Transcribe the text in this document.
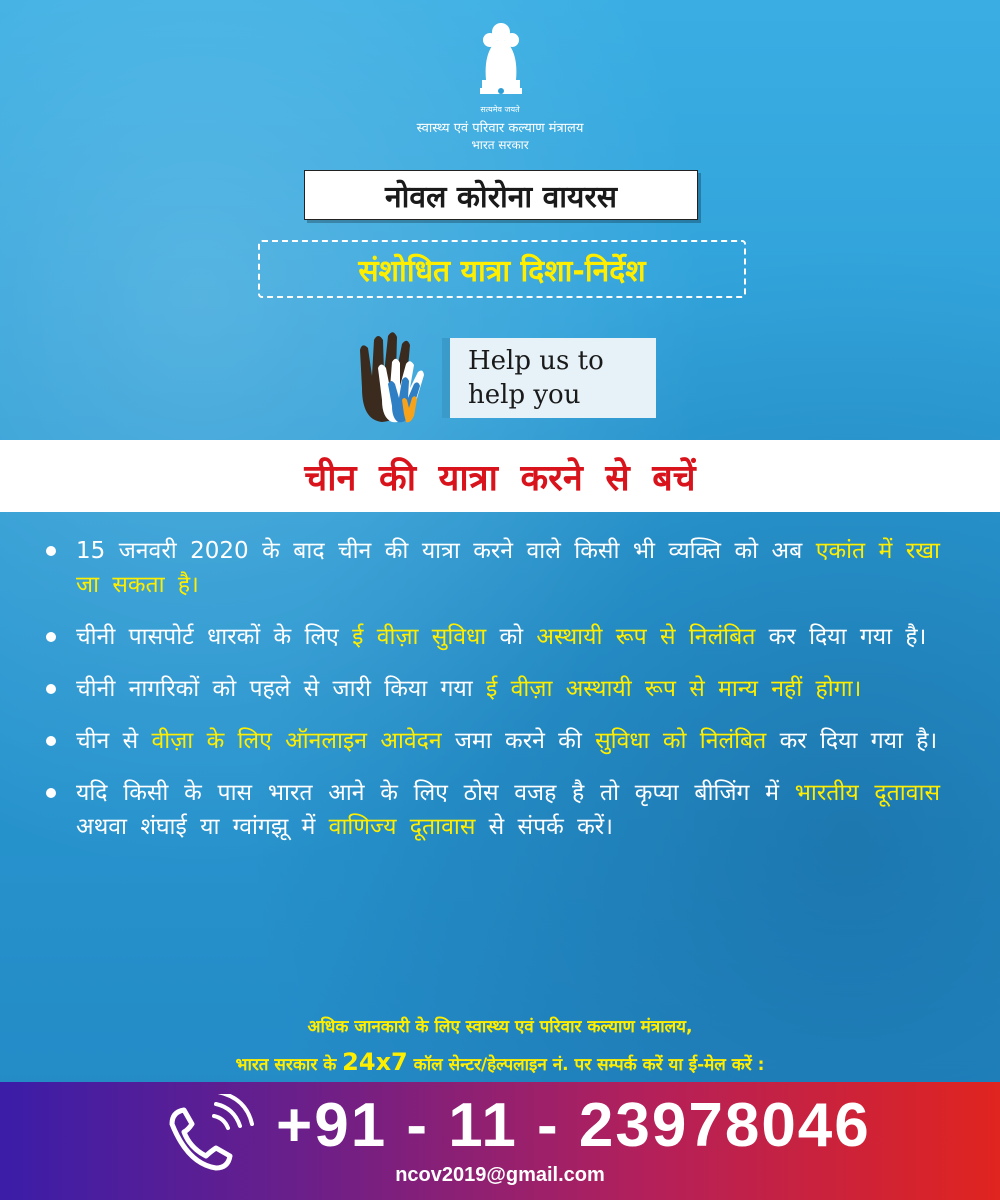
सत्यमेव जयते
स्वास्थ्य एवं परिवार कल्याण मंत्रालय
भारत सरकार
नोवल कोरोना वायरस
संशोधित यात्रा दिशा-निर्देश
Help us to
help you
चीन की यात्रा करने से बचें
15 जनवरी 2020 के बाद चीन की यात्रा करने वाले किसी भी व्यक्ति को अब एकांत में रखा जा सकता है।
चीनी पासपोर्ट धारकों के लिए ई वीज़ा सुविधा को अस्थायी रूप से निलंबित कर दिया गया है।
चीनी नागरिकों को पहले से जारी किया गया ई वीज़ा अस्थायी रूप से मान्य नहीं होगा।
चीन से वीज़ा के लिए ऑनलाइन आवेदन जमा करने की सुविधा को निलंबित कर दिया गया है।
यदि किसी के पास भारत आने के लिए ठोस वजह है तो कृप्या बीजिंग में भारतीय दूतावास अथवा शंघाई या ग्वांगझू में वाणिज्य दूतावास से संपर्क करें।
अधिक जानकारी के लिए स्वास्थ्य एवं परिवार कल्याण मंत्रालय,
भारत सरकार के 24x7 कॉल सेन्टर/हेल्पलाइन नं. पर सम्पर्क करें या ई-मेल करें :
+91 - 11 - 23978046
ncov2019@gmail.com
